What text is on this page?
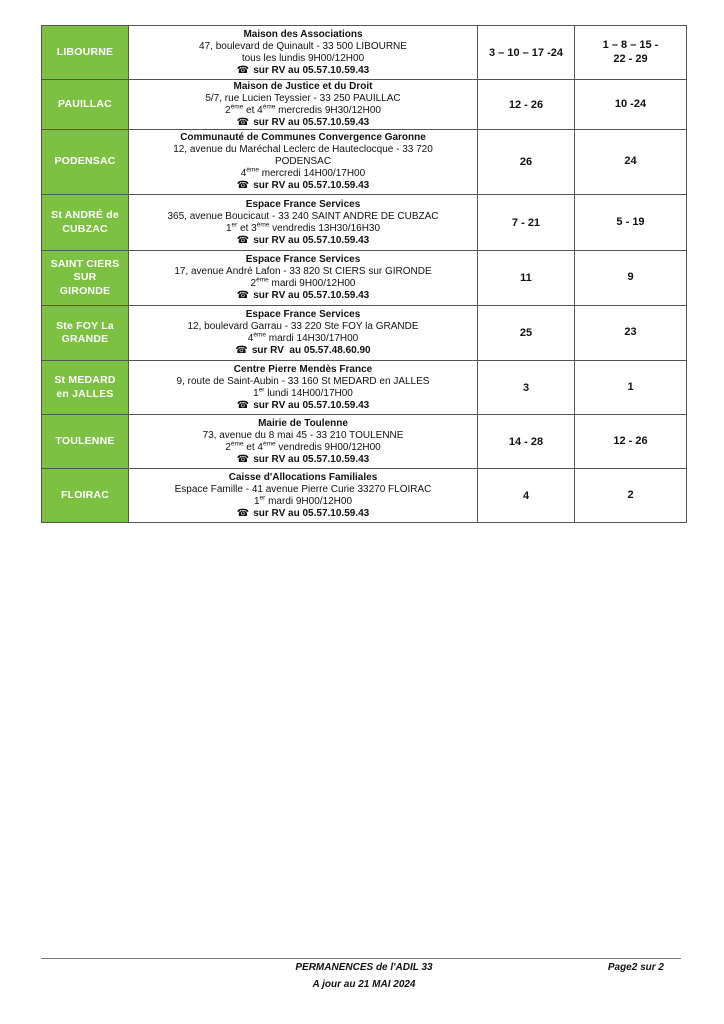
LIBOURNE	Maison des Associations
47, boulevard de Quinault - 33 500 LIBOURNE
tous les lundis 9H00/12H00
☎ sur RV au 05.57.10.59.43	3 – 10 – 17 -24	1 – 8 – 15 - 22 - 29
PAUILLAC	Maison de Justice et du Droit
5/7, rue Lucien Teyssier - 33 250 PAUILLAC
2ème et 4ème mercredis 9H30/12H00
☎ sur RV au 05.57.10.59.43	12 - 26	10 -24
PODENSAC	Communauté de Communes Convergence Garonne
12, avenue du Maréchal Leclerc de Hauteclocque - 33 720 PODENSAC
4ème mercredi 14H00/17H00
☎ sur RV au 05.57.10.59.43	26	24
St ANDRÉ de CUBZAC	Espace France Services
365, avenue Boucicaut - 33 240 SAINT ANDRE DE CUBZAC
1er et 3ème vendredis 13H30/16H30
☎ sur RV au 05.57.10.59.43	7 - 21	5 - 19
SAINT CIERS SUR GIRONDE	Espace France Services
17, avenue André Lafon - 33 820 St CIERS sur GIRONDE
2ème mardi 9H00/12H00
☎ sur RV au 05.57.10.59.43	11	9
Ste FOY La GRANDE	Espace France Services
12, boulevard Garrau - 33 220 Ste FOY la GRANDE
4ème mardi 14H30/17H00
☎ sur RV  au 05.57.48.60.90	25	23
St MEDARD en JALLES	Centre Pierre Mendès France
9, route de Saint-Aubin - 33 160 St MEDARD en JALLES
1er lundi 14H00/17H00
☎ sur RV au 05.57.10.59.43	3	1
TOULENNE	Mairie de Toulenne
73, avenue du 8 mai 45 - 33 210 TOULENNE
2ème et 4ème vendredis 9H00/12H00
☎ sur RV au 05.57.10.59.43	14 - 28	12 - 26
FLOIRAC	Caisse d'Allocations Familiales
Espace Famille - 41 avenue Pierre Curie 33270 FLOIRAC
1er mardi 9H00/12H00
☎ sur RV au 05.57.10.59.43	4	2
PERMANENCES de l'ADIL 33
A jour au 21 MAI 2024
Page2 sur 2
